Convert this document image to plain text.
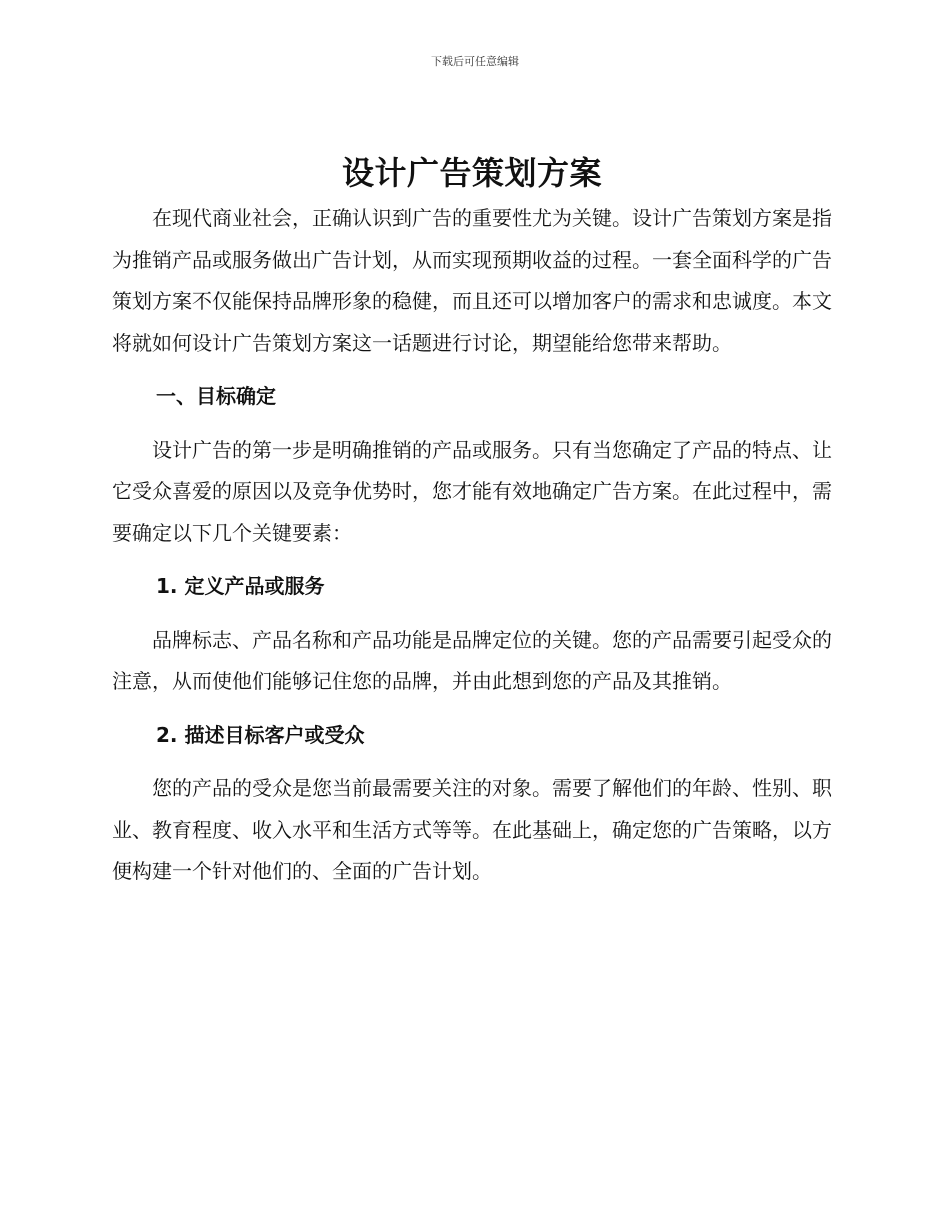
下载后可任意编辑
设计广告策划方案

在现代商业社会，正确认识到广告的重要性尤为关键。设计广告策划方案是指为推销产品或服务做出广告计划，从而实现预期收益的过程。一套全面科学的广告策划方案不仅能保持品牌形象的稳健，而且还可以增加客户的需求和忠诚度。本文将就如何设计广告策划方案这一话题进行讨论，期望能给您带来帮助。

一、目标确定

设计广告的第一步是明确推销的产品或服务。只有当您确定了产品的特点、让它受众喜爱的原因以及竞争优势时，您才能有效地确定广告方案。在此过程中，需要确定以下几个关键要素：

1. 定义产品或服务

品牌标志、产品名称和产品功能是品牌定位的关键。您的产品需要引起受众的注意，从而使他们能够记住您的品牌，并由此想到您的产品及其推销。

2. 描述目标客户或受众

您的产品的受众是您当前最需要关注的对象。需要了解他们的年龄、性别、职业、教育程度、收入水平和生活方式等等。在此基础上，确定您的广告策略，以方便构建一个针对他们的、全面的广告计划。
